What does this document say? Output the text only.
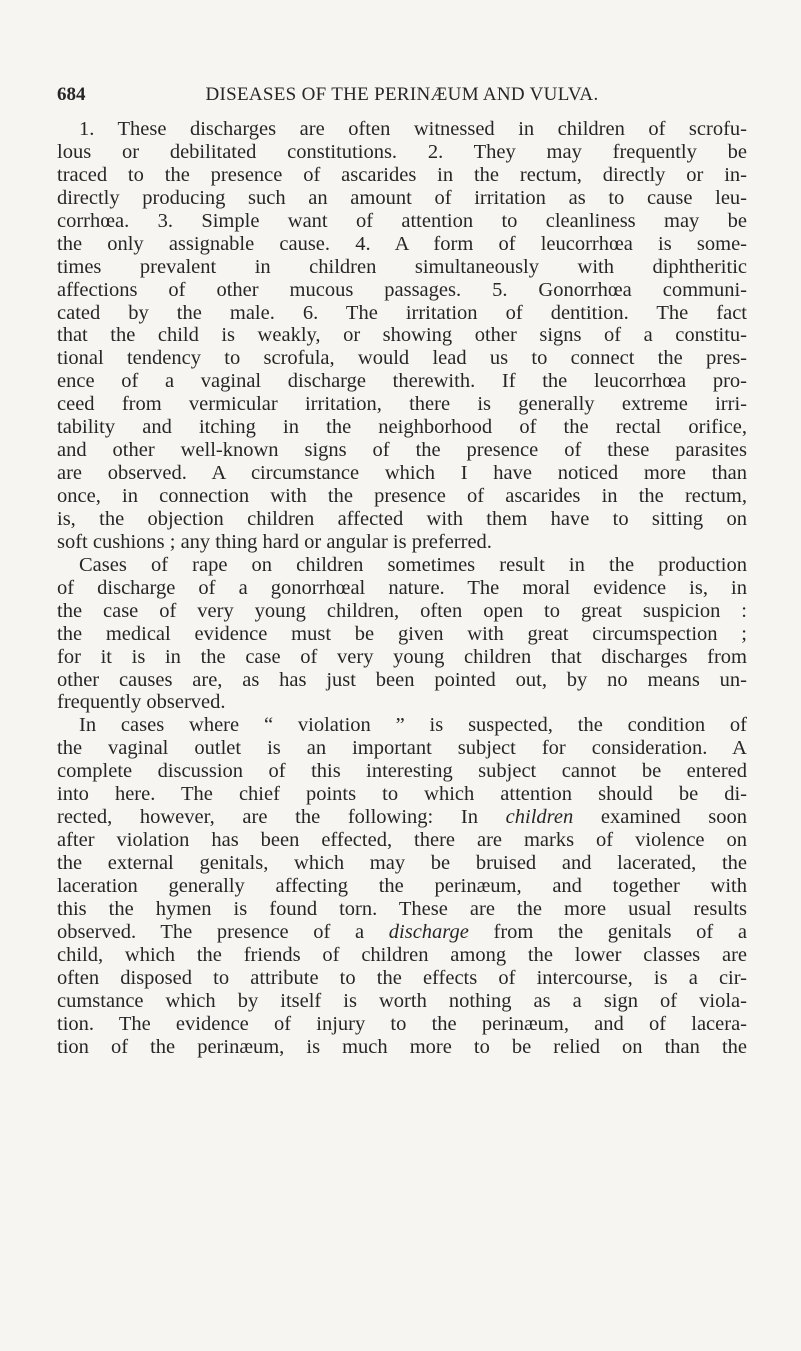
684	DISEASES OF THE PERINÆUM AND VULVA.
1. These discharges are often witnessed in children of scrofu-
lous or debilitated constitutions. 2. They may frequently be
traced to the presence of ascarides in the rectum, directly or in-
directly producing such an amount of irritation as to cause leu-
corrhœa. 3. Simple want of attention to cleanliness may be
the only assignable cause. 4. A form of leucorrhœa is some-
times prevalent in children simultaneously with diphtheritic
affections of other mucous passages. 5. Gonorrhœa communi-
cated by the male. 6. The irritation of dentition. The fact
that the child is weakly, or showing other signs of a constitu-
tional tendency to scrofula, would lead us to connect the pres-
ence of a vaginal discharge therewith. If the leucorrhœa pro-
ceed from vermicular irritation, there is generally extreme irri-
tability and itching in the neighborhood of the rectal orifice,
and other well-known signs of the presence of these parasites
are observed. A circumstance which I have noticed more than
once, in connection with the presence of ascarides in the rectum,
is, the objection children affected with them have to sitting on
soft cushions ; any thing hard or angular is preferred.
Cases of rape on children sometimes result in the production
of discharge of a gonorrhœal nature. The moral evidence is, in
the case of very young children, often open to great suspicion :
the medical evidence must be given with great circumspection ;
for it is in the case of very young children that discharges from
other causes are, as has just been pointed out, by no means un-
frequently observed.
In cases where “ violation ” is suspected, the condition of
the vaginal outlet is an important subject for consideration. A
complete discussion of this interesting subject cannot be entered
into here. The chief points to which attention should be di-
rected, however, are the following: In children examined soon
after violation has been effected, there are marks of violence on
the external genitals, which may be bruised and lacerated, the
laceration generally affecting the perinæum, and together with
this the hymen is found torn. These are the more usual results
observed. The presence of a discharge from the genitals of a
child, which the friends of children among the lower classes are
often disposed to attribute to the effects of intercourse, is a cir-
cumstance which by itself is worth nothing as a sign of viola-
tion. The evidence of injury to the perinæum, and of lacera-
tion of the perinæum, is much more to be relied on than the
